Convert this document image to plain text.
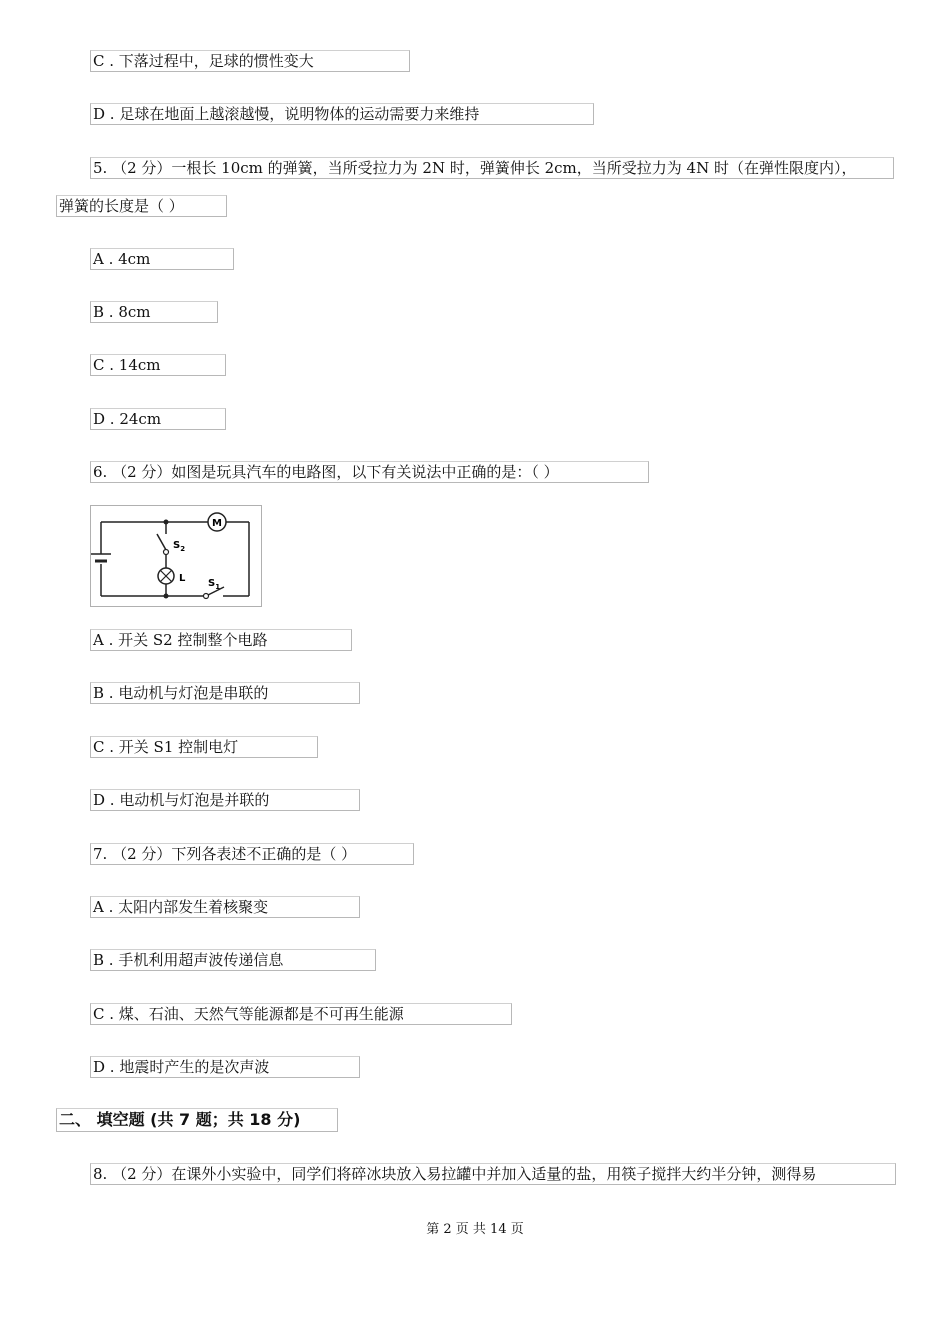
C . 下落过程中，足球的惯性变大
D . 足球在地面上越滚越慢，说明物体的运动需要力来维持
5. （2 分）一根长 10cm 的弹簧，当所受拉力为 2N 时，弹簧伸长 2cm，当所受拉力为 4N 时（在弹性限度内），
弹簧的长度是（ ）
A . 4cm
B . 8cm
C . 14cm
D . 24cm
6. （2 分）如图是玩具汽车的电路图，以下有关说法中正确的是：（ ）
$S_2$
L
M
$S_1$
A . 开关 S2 控制整个电路
B . 电动机与灯泡是串联的
C . 开关 S1 控制电灯
D . 电动机与灯泡是并联的
7. （2 分）下列各表述不正确的是（ ）
A . 太阳内部发生着核聚变
B . 手机利用超声波传递信息
C . 煤、石油、天然气等能源都是不可再生能源
D . 地震时产生的是次声波
二、 填空题 (共 7 题；共 18 分)
8. （2 分）在课外小实验中，同学们将碎冰块放入易拉罐中并加入适量的盐，用筷子搅拌大约半分钟，测得易
第 2 页 共 14 页
